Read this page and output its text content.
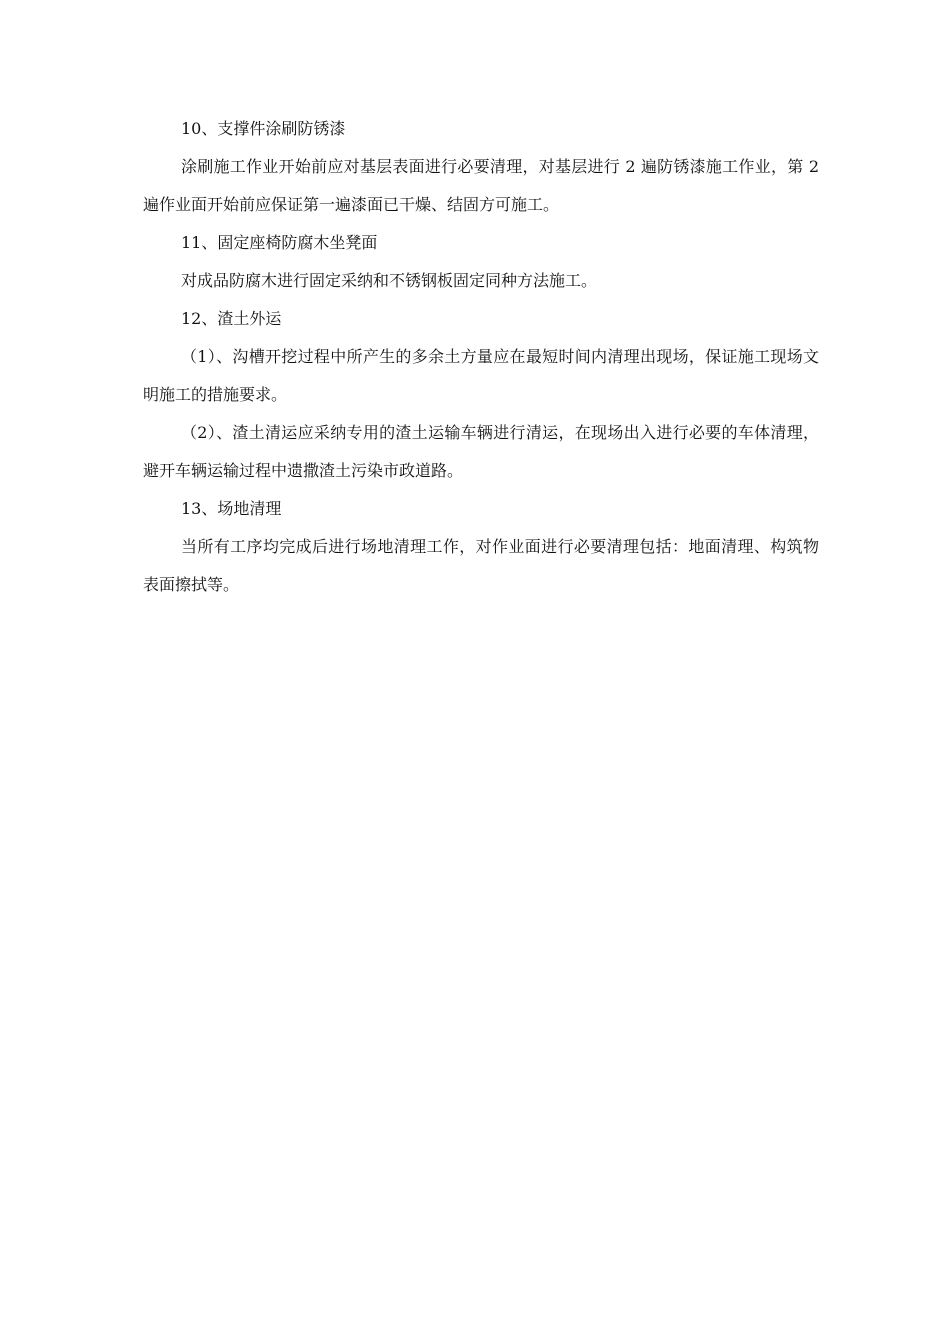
10、支撑件涂刷防锈漆

涂刷施工作业开始前应对基层表面进行必要清理，对基层进行 2 遍防锈漆施工作业，第 2 遍作业面开始前应保证第一遍漆面已干燥、结固方可施工。

11、固定座椅防腐木坐凳面

对成品防腐木进行固定采纳和不锈钢板固定同种方法施工。

12、渣土外运

（1）、沟槽开挖过程中所产生的多余土方量应在最短时间内清理出现场，保证施工现场文明施工的措施要求。

（2）、渣土清运应采纳专用的渣土运输车辆进行清运，在现场出入进行必要的车体清理，避开车辆运输过程中遗撒渣土污染市政道路。

13、场地清理

当所有工序均完成后进行场地清理工作，对作业面进行必要清理包括：地面清理、构筑物表面擦拭等。
